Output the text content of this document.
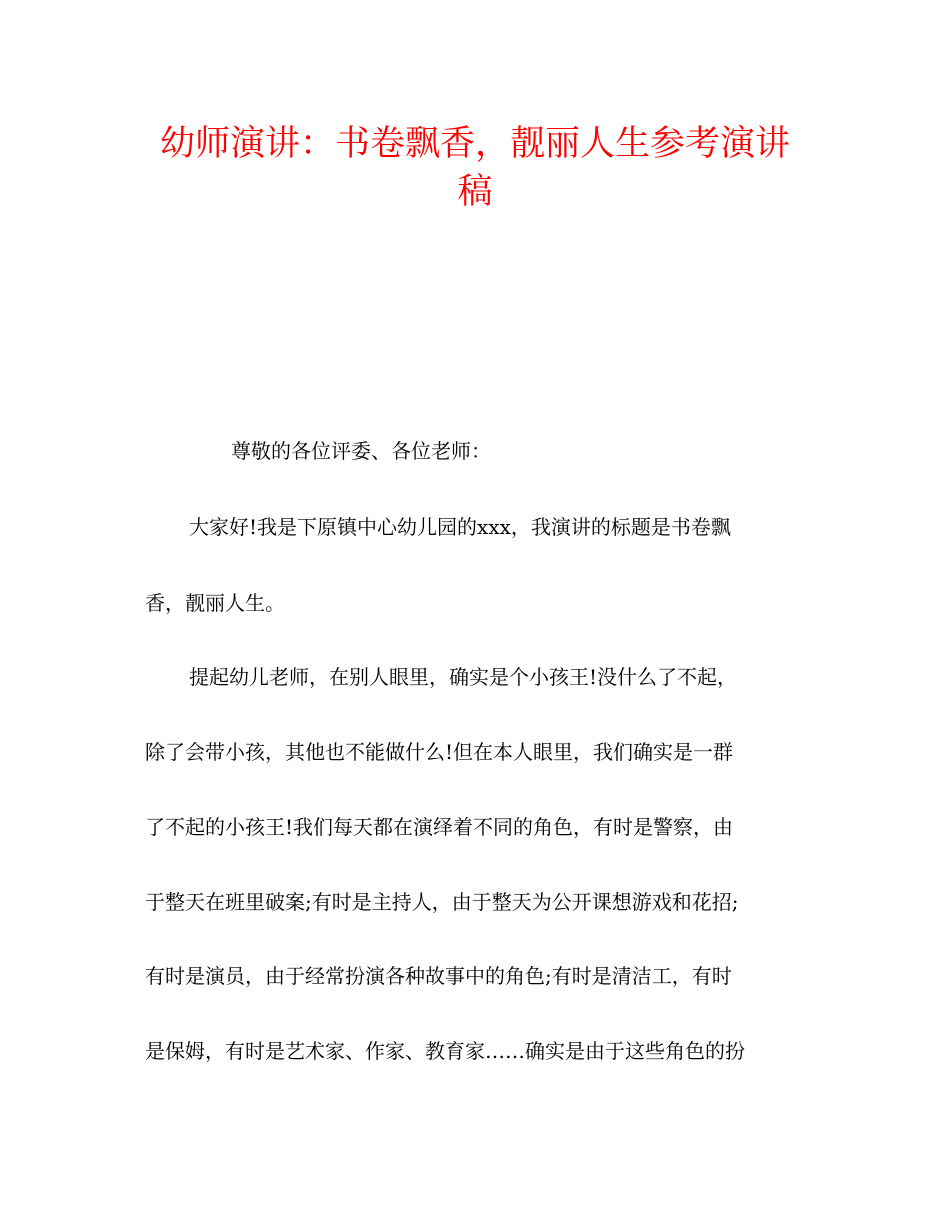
幼师演讲：书卷飘香，靓丽人生参考演讲
稿
尊敬的各位评委、各位老师：
大家好!我是下原镇中心幼儿园的xxx，我演讲的标题是书卷飘
香，靓丽人生。
提起幼儿老师，在别人眼里，确实是个小孩王!没什么了不起，
除了会带小孩，其他也不能做什么!但在本人眼里，我们确实是一群
了不起的小孩王!我们每天都在演绎着不同的角色，有时是警察，由
于整天在班里破案;有时是主持人，由于整天为公开课想游戏和花招;
有时是演员，由于经常扮演各种故事中的角色;有时是清洁工，有时
是保姆，有时是艺术家、作家、教育家……确实是由于这些角色的扮
